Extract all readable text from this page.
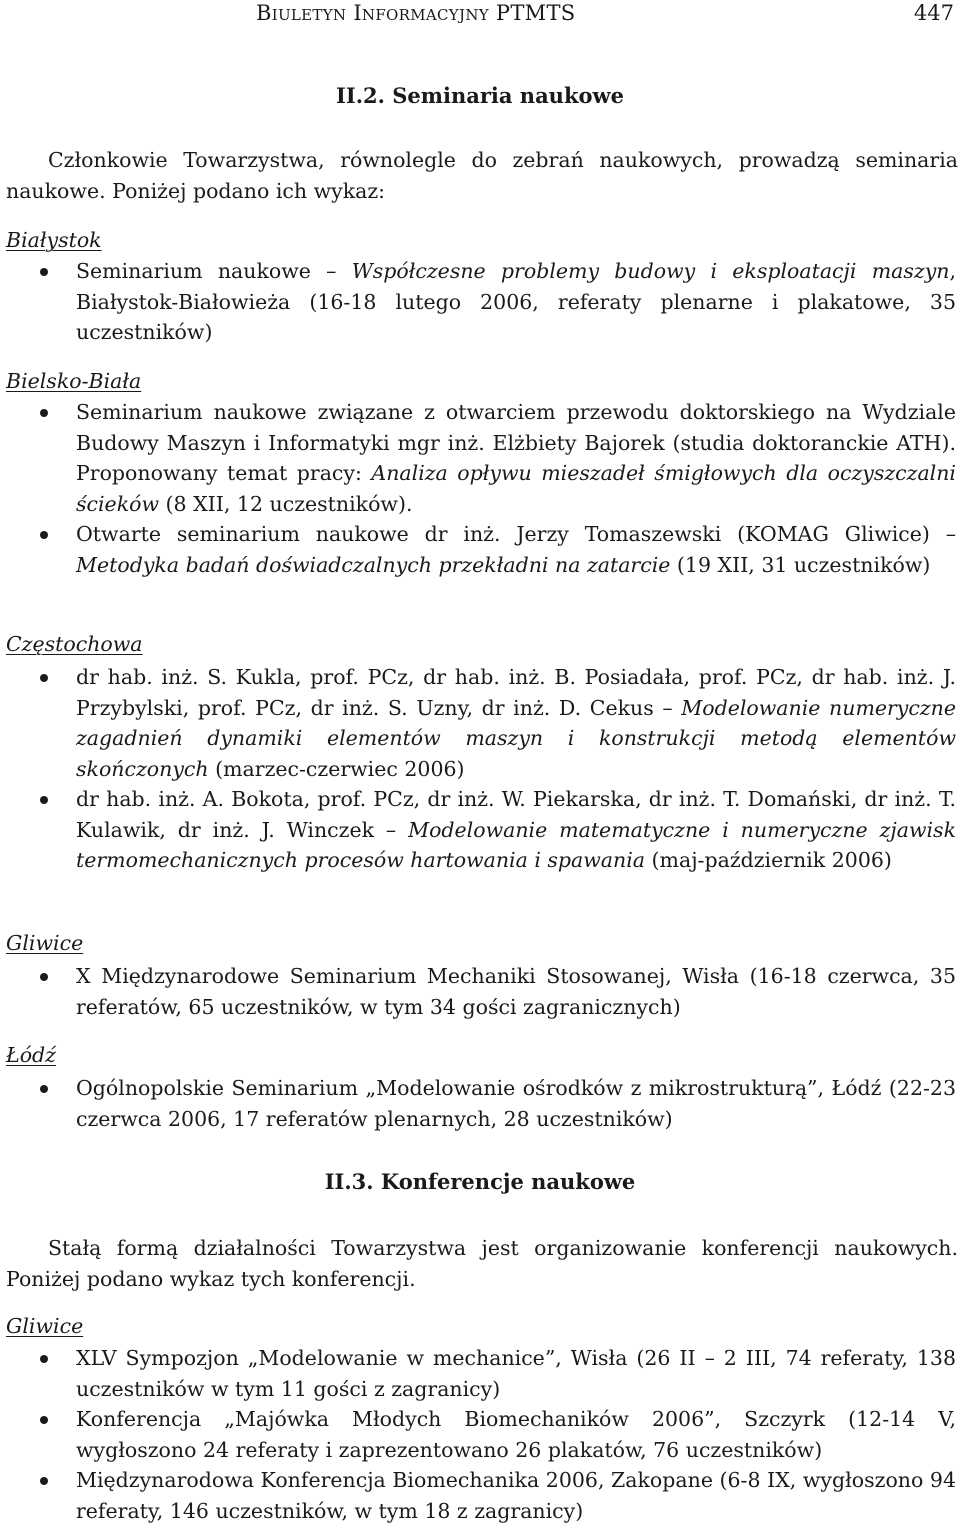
Biuletyn Informacyjny PTMTS	447
II.2. Seminaria naukowe
Członkowie Towarzystwa, równolegle do zebrań naukowych, prowadzą seminaria naukowe. Poniżej podano ich wykaz:
Białystok
Seminarium naukowe – Współczesne problemy budowy i eksploatacji maszyn, Białystok-Białowieża (16-18 lutego 2006, referaty plenarne i plakatowe, 35 uczestników)
Bielsko-Biała
Seminarium naukowe związane z otwarciem przewodu doktorskiego na Wydziale Budowy Maszyn i Informatyki mgr inż. Elżbiety Bajorek (studia doktoranckie ATH). Proponowany temat pracy: Analiza opływu mieszadeł śmigłowych dla oczyszczalni ścieków (8 XII, 12 uczestników).
Otwarte seminarium naukowe dr inż. Jerzy Tomaszewski (KOMAG Gliwice) – Metodyka badań doświadczalnych przekładni na zatarcie (19 XII, 31 uczestników)
Częstochowa
dr hab. inż. S. Kukla, prof. PCz, dr hab. inż. B. Posiadała, prof. PCz, dr hab. inż. J. Przybylski, prof. PCz, dr inż. S. Uzny, dr inż. D. Cekus – Modelowanie numeryczne zagadnień dynamiki elementów maszyn i konstrukcji metodą elementów skończonych (marzec-czerwiec 2006)
dr hab. inż. A. Bokota, prof. PCz, dr inż. W. Piekarska, dr inż. T. Domański, dr inż. T. Kulawik, dr inż. J. Winczek – Modelowanie matematyczne i numeryczne zjawisk termomechanicznych procesów hartowania i spawania (maj-październik 2006)
Gliwice
X Międzynarodowe Seminarium Mechaniki Stosowanej, Wisła (16-18 czerwca, 35 referatów, 65 uczestników, w tym 34 gości zagranicznych)
Łódź
Ogólnopolskie Seminarium „Modelowanie ośrodków z mikrostrukturą”, Łódź (22-23 czerwca 2006, 17 referatów plenarnych, 28 uczestników)
II.3. Konferencje naukowe
Stałą formą działalności Towarzystwa jest organizowanie konferencji naukowych. Poniżej podano wykaz tych konferencji.
Gliwice
XLV Sympozjon „Modelowanie w mechanice”, Wisła (26 II – 2 III, 74 referaty, 138 uczestników w tym 11 gości z zagranicy)
Konferencja „Majówka Młodych Biomechaników 2006”, Szczyrk (12-14 V, wygłoszono 24 referaty i zaprezentowano 26 plakatów, 76 uczestników)
Międzynarodowa Konferencja Biomechanika 2006, Zakopane (6-8 IX, wygłoszono 94 referaty, 146 uczestników, w tym 18 z zagranicy)
